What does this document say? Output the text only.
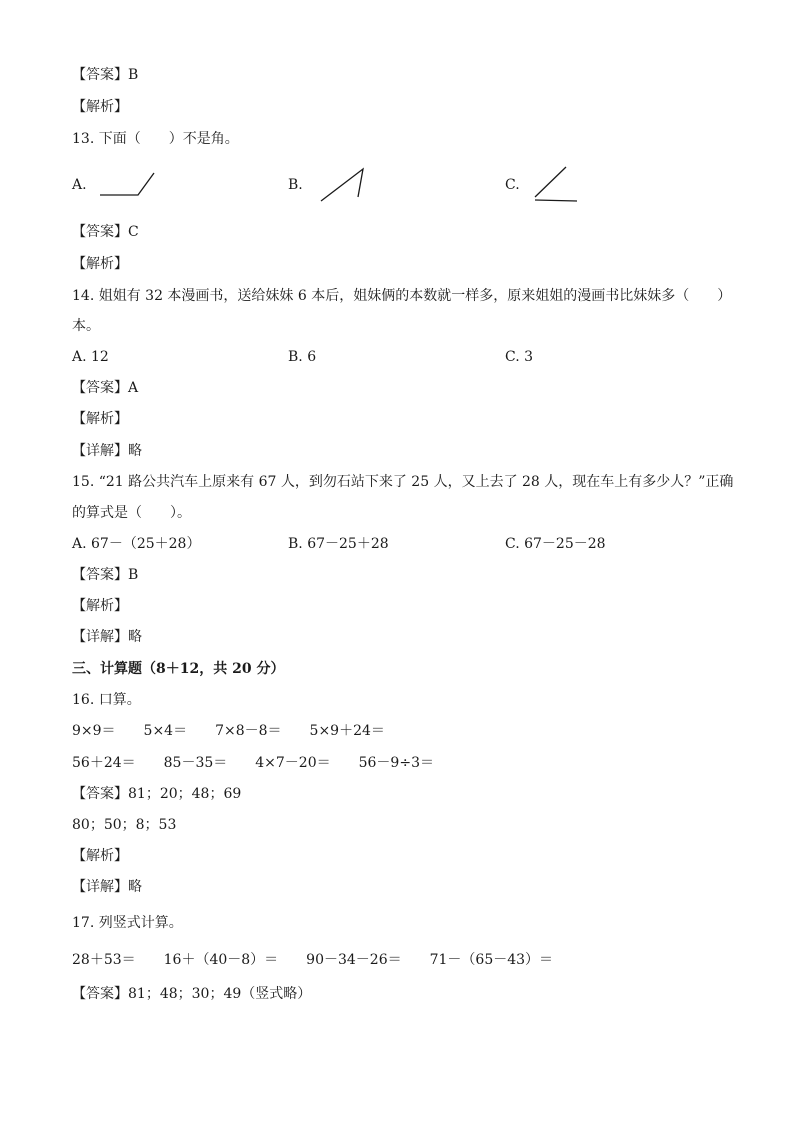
【答案】B
【解析】
13. 下面（　　）不是角。
A.	B.	C.
【答案】C
【解析】
14. 姐姐有 32 本漫画书，送给妹妹 6 本后，姐妹俩的本数就一样多，原来姐姐的漫画书比妹妹多（　　）
本。
A. 12	B. 6	C. 3
【答案】A
【解析】
【详解】略
15. “21 路公共汽车上原来有 67 人，到勿石站下来了 25 人，又上去了 28 人，现在车上有多少人？”正确
的算式是（　　）。
A. 67－（25＋28）	B. 67－25＋28	C. 67－25－28
【答案】B
【解析】
【详解】略
三、计算题（8＋12，共 20 分）
16. 口算。
9×9＝　　5×4＝　　7×8－8＝　　5×9＋24＝
56＋24＝　　85－35＝　　4×7－20＝　　56－9÷3＝
【答案】81；20；48；69
80；50；8；53
【解析】
【详解】略
17. 列竖式计算。
28＋53＝　　16＋（40－8）＝　　90－34－26＝　　71－（65－43）＝
【答案】81；48；30；49（竖式略）
